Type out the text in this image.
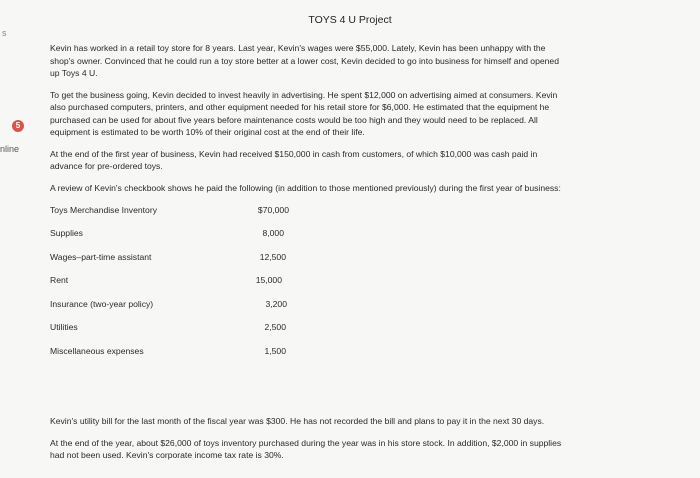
s
5
nline
TOYS 4 U Project

Kevin has worked in a retail toy store for 8 years. Last year, Kevin's wages were $55,000. Lately, Kevin has been unhappy with the shop's owner. Convinced that he could run a toy store better at a lower cost, Kevin decided to go into business for himself and opened up Toys 4 U.

To get the business going, Kevin decided to invest heavily in advertising. He spent $12,000 on advertising aimed at consumers. Kevin also purchased computers, printers, and other equipment needed for his retail store for $6,000. He estimated that the equipment he purchased can be used for about five years before maintenance costs would be too high and they would need to be replaced. All equipment is estimated to be worth 10% of their original cost at the end of their life.

At the end of the first year of business, Kevin had received $150,000 in cash from customers, of which $10,000 was cash paid in advance for pre-ordered toys.

A review of Kevin's checkbook shows he paid the following (in addition to those mentioned previously) during the first year of business:

Toys Merchandise Inventory	$70,000
Supplies	8,000
Wages–part-time assistant	12,500
Rent	15,000
Insurance (two-year policy)	3,200
Utilities	2,500
Miscellaneous expenses	1,500

Kevin's utility bill for the last month of the fiscal year was $300. He has not recorded the bill and plans to pay it in the next 30 days.

At the end of the year, about $26,000 of toys inventory purchased during the year was in his store stock. In addition, $2,000 in supplies had not been used. Kevin's corporate income tax rate is 30%.
